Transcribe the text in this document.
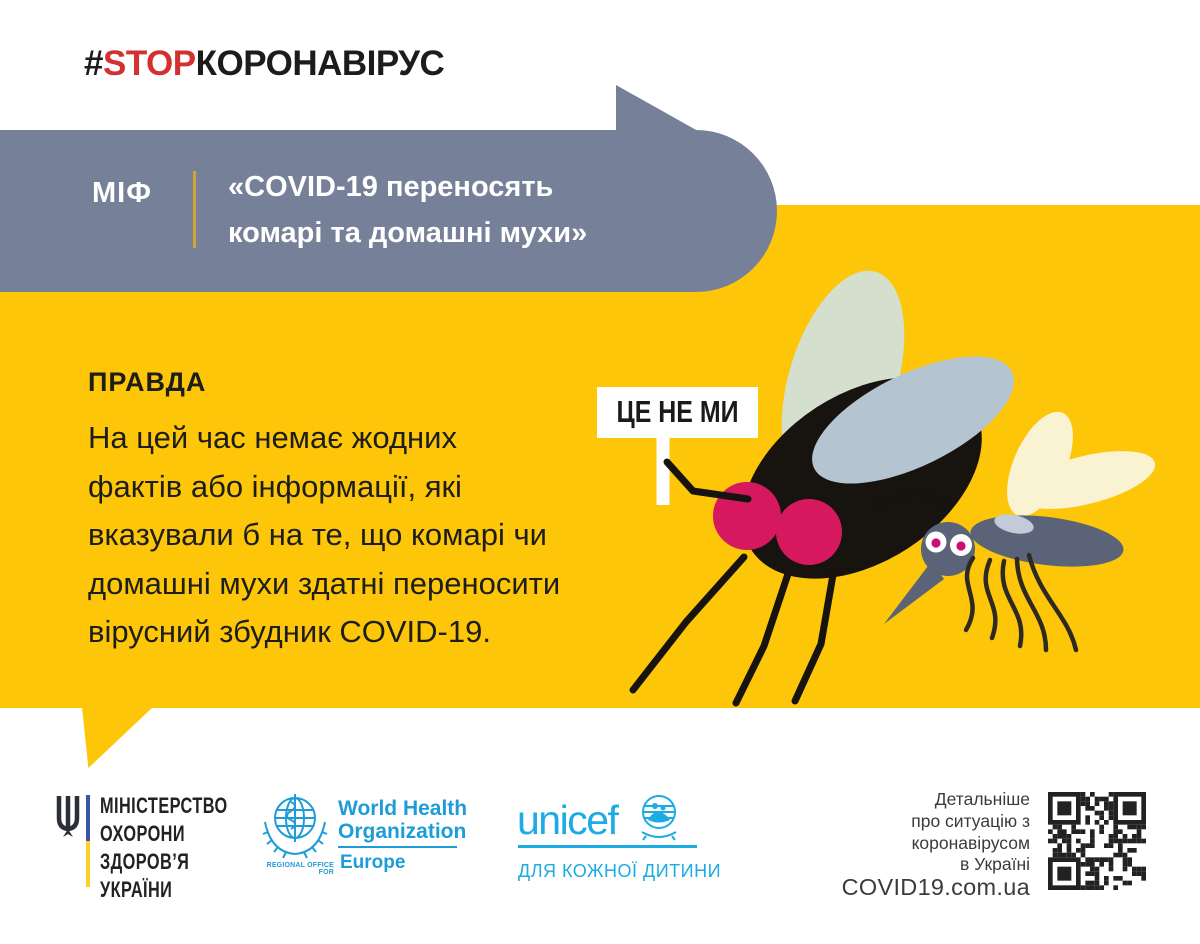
#STOPКОРОНАВІРУС
ЦЕ НЕ МИ
МІФ	«COVID-19 переносять
комарі та домашні мухи»
ПРАВДА
На цей час немає жодних
фактів або інформації, які
вказували б на те, що комарі чи
домашні мухи здатні переносити
вірусний збудник COVID-19.
МІНІСТЕРСТВО
ОХОРОНИ
ЗДОРОВ’Я
УКРАЇНИ
World Health
Organization
REGIONAL OFFICE FOR Europe
unicef
ДЛЯ КОЖНОЇ ДИТИНИ
Детальніше
про ситуацію з
коронавірусом
в Україні
COVID19.com.ua
